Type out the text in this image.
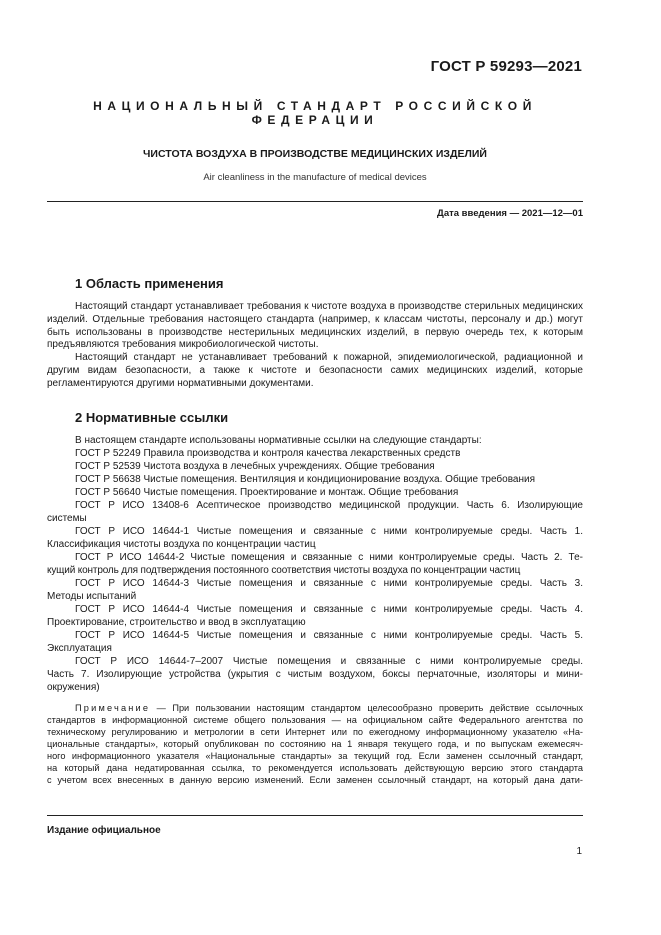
ГОСТ Р 59293—2021
НАЦИОНАЛЬНЫЙ СТАНДАРТ РОССИЙСКОЙ ФЕДЕРАЦИИ
ЧИСТОТА ВОЗДУХА В ПРОИЗВОДСТВЕ МЕДИЦИНСКИХ ИЗДЕЛИЙ
Air cleanliness in the manufacture of medical devices
Дата введения — 2021—12—01
1 Область применения
Настоящий стандарт устанавливает требования к чистоте воздуха в производстве стерильных медицинских изделий. Отдельные требования настоящего стандарта (например, к классам чистоты, персоналу и др.) могут быть использованы в производстве нестерильных медицинских изделий, в первую очередь тех, к которым предъявляются требования микробиологической чистоты.
Настоящий стандарт не устанавливает требований к пожарной, эпидемиологической, радиационной и другим видам безопасности, а также к чистоте и безопасности самих медицинских изделий, которые регламентируются другими нормативными документами.
2 Нормативные ссылки
В настоящем стандарте использованы нормативные ссылки на следующие стандарты:
ГОСТ Р 52249 Правила производства и контроля качества лекарственных средств
ГОСТ Р 52539 Чистота воздуха в лечебных учреждениях. Общие требования
ГОСТ Р 56638 Чистые помещения. Вентиляция и кондиционирование воздуха. Общие требования
ГОСТ Р 56640 Чистые помещения. Проектирование и монтаж. Общие требования
ГОСТ Р ИСО 13408-6 Асептическое производство медицинской продукции. Часть 6. Изолирующие
системы
ГОСТ Р ИСО 14644-1 Чистые помещения и связанные с ними контролируемые среды. Часть 1.
Классификация чистоты воздуха по концентрации частиц
ГОСТ Р ИСО 14644-2 Чистые помещения и связанные с ними контролируемые среды. Часть 2. Те-
кущий контроль для подтверждения постоянного соответствия чистоты воздуха по концентрации частиц
ГОСТ Р ИСО 14644-3 Чистые помещения и связанные с ними контролируемые среды. Часть 3.
Методы испытаний
ГОСТ Р ИСО 14644-4 Чистые помещения и связанные с ними контролируемые среды. Часть 4.
Проектирование, строительство и ввод в эксплуатацию
ГОСТ Р ИСО 14644-5 Чистые помещения и связанные с ними контролируемые среды. Часть 5.
Эксплуатация
ГОСТ Р ИСО 14644-7–2007 Чистые помещения и связанные с ними контролируемые среды.
Часть 7. Изолирующие устройства (укрытия с чистым воздухом, боксы перчаточные, изоляторы и мини-
окружения)
Примечание — При пользовании настоящим стандартом целесообразно проверить действие ссылочных
стандартов в информационной системе общего пользования — на официальном сайте Федерального агентства по
техническому регулированию и метрологии в сети Интернет или по ежегодному информационному указателю «На-
циональные стандарты», который опубликован по состоянию на 1 января текущего года, и по выпускам ежемесяч-
ного информационного указателя «Национальные стандарты» за текущий год. Если заменен ссылочный стандарт,
на который дана недатированная ссылка, то рекомендуется использовать действующую версию этого стандарта
с учетом всех внесенных в данную версию изменений. Если заменен ссылочный стандарт, на который дана дати-
Издание официальное
1
